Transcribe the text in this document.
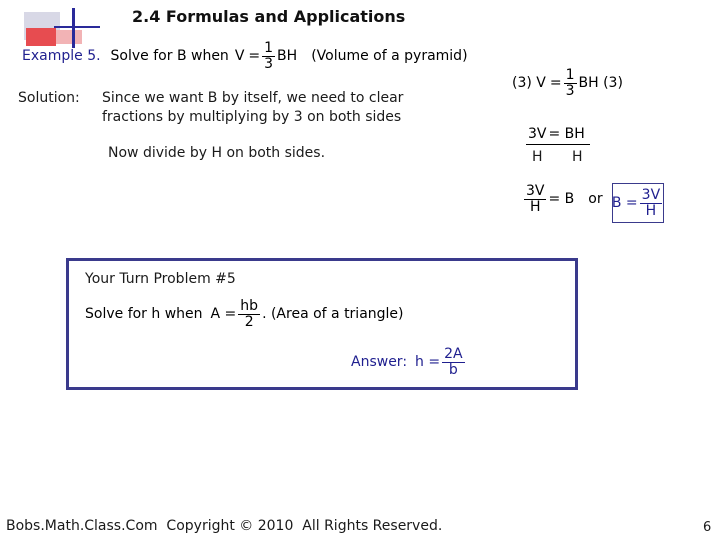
2.4 Formulas and Applications
Example 5. Solve for B when $V = \frac{1}{3}$ BH (Volume of a pyramid)
Solution: Since we want B by itself, we need to clear
fractions by multiplying by 3 on both sides
Now divide by H on both sides.
(3) $V = \frac{1}{3}$ BH (3)
3V = BH
H H
$\frac{3V}{H} = B$ or $B = \frac{3V}{H}$
Your Turn Problem #5
Solve for h when $A = \frac{hb}{2}$ . (Area of a triangle)
Answer: $h = \frac{2A}{b}$
Bobs.Math.Class.Com  Copyright © 2010  All Rights Reserved.	6
